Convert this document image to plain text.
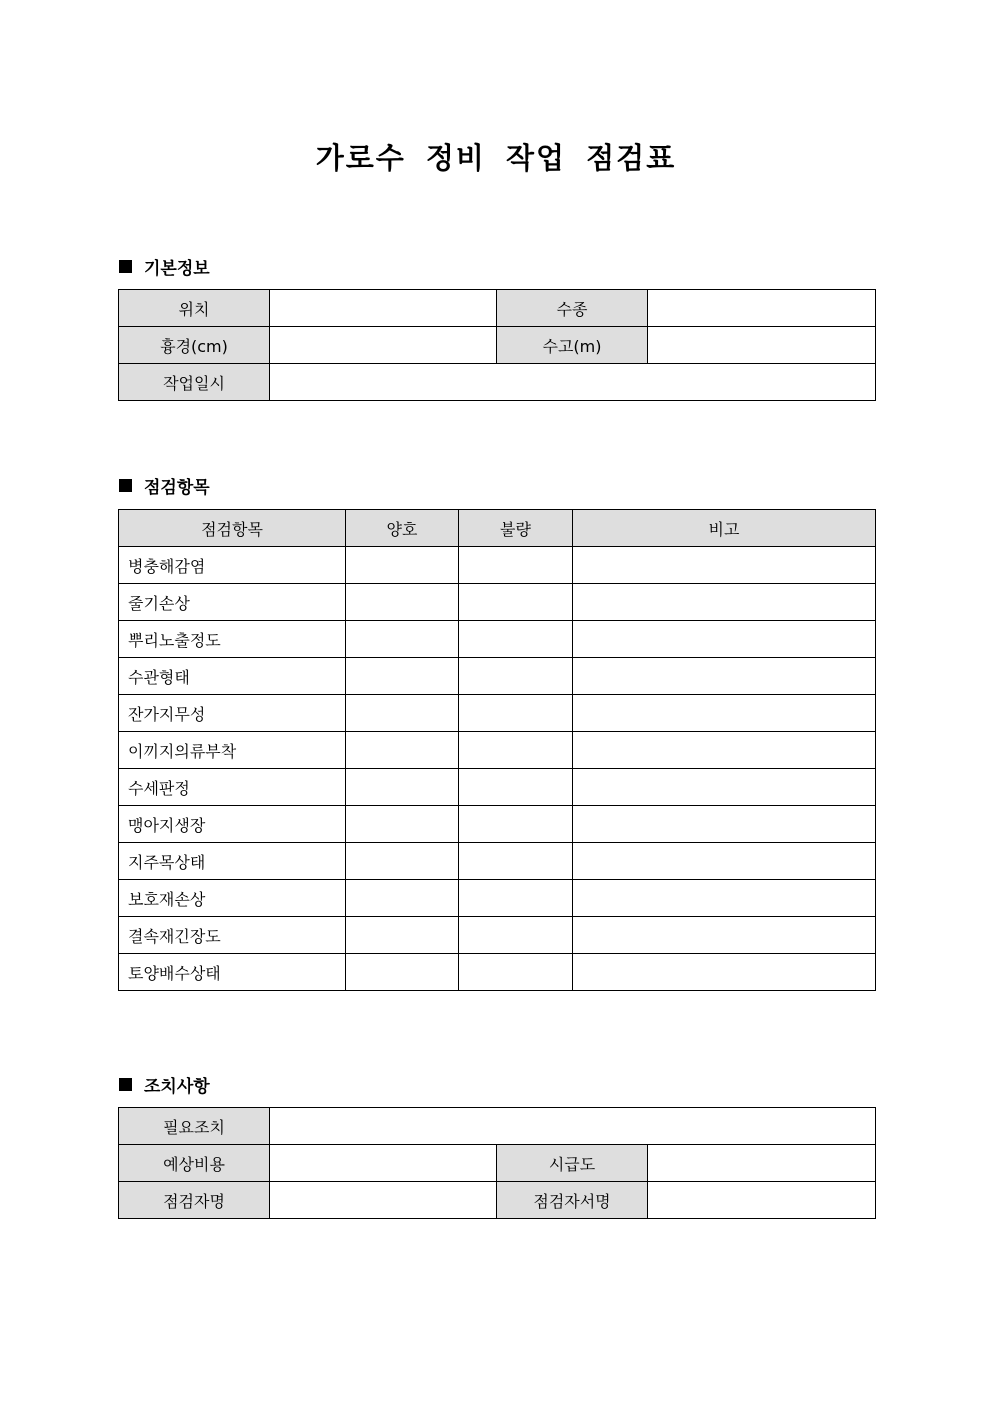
가로수 정비 작업 점검표
기본정보
위치		수종	
흉경(cm)		수고(m)	
작업일시			
점검항목
점검항목	양호	불량	비고
병충해감염			
줄기손상			
뿌리노출정도			
수관형태			
잔가지무성			
이끼지의류부착			
수세판정			
맹아지생장			
지주목상태			
보호재손상			
결속재긴장도			
토양배수상태			
조치사항
필요조치			
예상비용		시급도	
점검자명		점검자서명	
